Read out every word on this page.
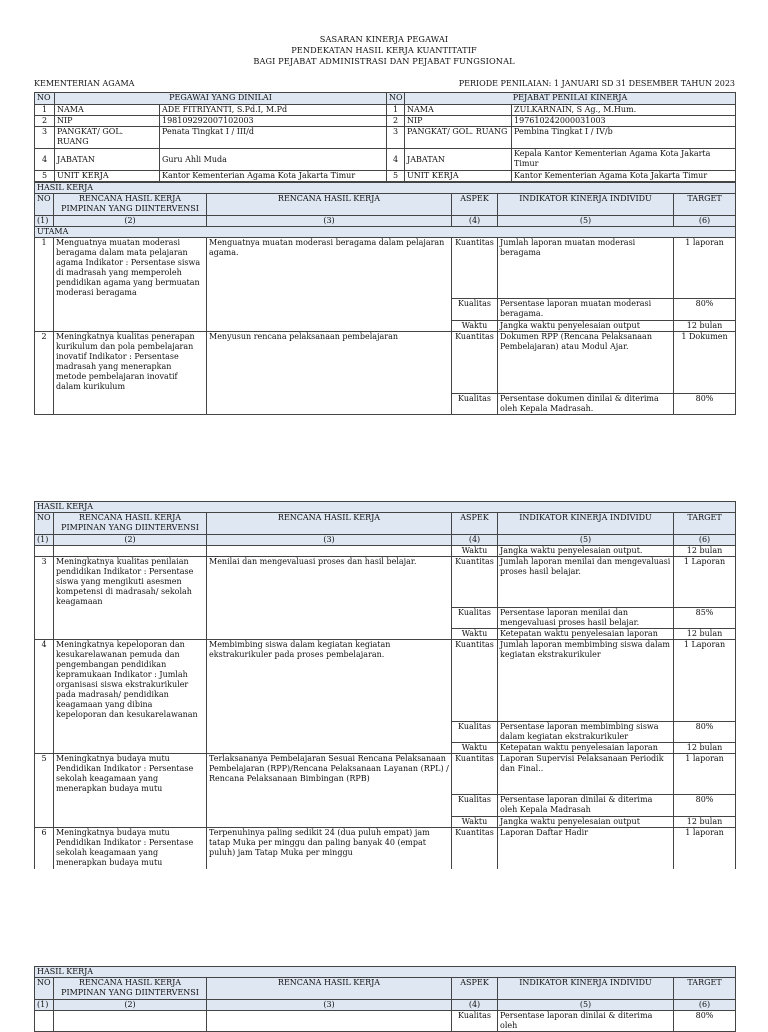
SASARAN KINERJA PEGAWAI
PENDEKATAN HASIL KERJA KUANTITATIF
BAGI PEJABAT ADMINISTRASI DAN PEJABAT FUNGSIONAL
KEMENTERIAN AGAMA	PERIODE PENILAIAN: 1 JANUARI SD 31 DESEMBER TAHUN 2023
NO	PEGAWAI YANG DINILAI		NO	PEJABAT PENILAI KINERJA	
1	NAMA	ADE FITRIYANTI, S.Pd.I, M.Pd	1	NAMA	ZULKARNAIN, S Ag., M.Hum.
2	NIP	198109292007102003	2	NIP	197610242000031003
3	PANGKAT/ GOL. RUANG	Penata Tingkat I / III/d	3	PANGKAT/ GOL. RUANG	Pembina Tingkat I / IV/b
4	JABATAN	Guru Ahli Muda	4	JABATAN	Kepala Kantor Kementerian Agama Kota Jakarta Timur
5	UNIT KERJA	Kantor Kementerian Agama Kota Jakarta Timur	5	UNIT KERJA	Kantor Kementerian Agama Kota Jakarta Timur
HASIL KERJA					
NO	RENCANA HASIL KERJA PIMPINAN YANG DIINTERVENSI	RENCANA HASIL KERJA	ASPEK	INDIKATOR KINERJA INDIVIDU	TARGET
(1)	(2)	(3)	(4)	(5)	(6)
UTAMA					
1	Menguatnya muatan moderasi beragama dalam mata pelajaran agama Indikator : Persentase siswa di madrasah yang memperoleh pendidikan agama yang bermuatan moderasi beragama	Menguatnya muatan moderasi beragama dalam pelajaran agama.	Kuantitas	Jumlah laporan muatan moderasi beragama	1 laporan
			Kualitas	Persentase laporan muatan moderasi beragama.	80%
			Waktu	Jangka waktu penyelesaian output	12 bulan
2	Meningkatnya kualitas penerapan kurikulum dan pola pembelajaran inovatif Indikator : Persentase madrasah yang menerapkan metode pembelajaran inovatif dalam kurikulum	Menyusun rencana pelaksanaan pembelajaran	Kuantitas	Dokumen RPP (Rencana Pelaksanaan Pembelajaran) atau Modul Ajar.	1 Dokumen
			Kualitas	Persentase dokumen dinilai & diterima oleh Kepala Madrasah.	80%
HASIL KERJA					
NO	RENCANA HASIL KERJA PIMPINAN YANG DIINTERVENSI	RENCANA HASIL KERJA	ASPEK	INDIKATOR KINERJA INDIVIDU	TARGET
(1)	(2)	(3)	(4)	(5)	(6)
			Waktu	Jangka waktu penyelesaian output.	12 bulan
3	Meningkatnya kualitas penilaian pendidikan Indikator : Persentase siswa yang mengikuti asesmen kompetensi di madrasah/ sekolah keagamaan	Menilai dan mengevaluasi proses dan hasil belajar.	Kuantitas	Jumlah laporan menilai dan mengevaluasi proses hasil belajar.	1 Laporan
			Kualitas	Persentase laporan menilai dan mengevaluasi proses hasil belajar.	85%
			Waktu	Ketepatan waktu penyelesaian laporan	12 bulan
4	Meningkatnya kepeloporan dan kesukarelawanan pemuda dan pengembangan pendidikan kepramukaan Indikator : Jumlah organisasi siswa ekstrakurikuler pada madrasah/ pendidikan keagamaan yang dibina kepeloporan dan kesukarelawanan	Membimbing siswa dalam kegiatan kegiatan ekstrakurikuler pada proses pembelajaran.	Kuantitas	Jumlah laporan membimbing siswa dalam kegiatan ekstrakurikuler	1 Laporan
			Kualitas	Persentase laporan membimbing siswa dalam kegiatan ekstrakurikuler	80%
			Waktu	Ketepatan waktu penyelesaian laporan	12 bulan
5	Meningkatnya budaya mutu Pendidikan Indikator : Persentase sekolah keagamaan yang menerapkan budaya mutu	Terlaksananya Pembelajaran Sesuai Rencana Pelaksanaan Pembelajaran (RPP)/Rencana Pelaksanaan Layanan (RPL) / Rencana Pelaksanaan Bimbingan (RPB)	Kuantitas	Laporan Supervisi Pelaksanaan Periodik dan Final..	1 laporan
			Kualitas	Persentase laporan dinilai & diterima oleh Kepala Madrasah	80%
			Waktu	Jangka waktu penyelesaian output	12 bulan
6	Meningkatnya budaya mutu Pendidikan Indikator : Persentase sekolah keagamaan yang menerapkan budaya mutu	Terpenuhinya paling sedikit 24 (dua puluh empat) jam tatap Muka per minggu dan paling banyak 40 (empat puluh) jam Tatap Muka per minggu	Kuantitas	Laporan Daftar Hadir	1 laporan
HASIL KERJA					
NO	RENCANA HASIL KERJA PIMPINAN YANG DIINTERVENSI	RENCANA HASIL KERJA	ASPEK	INDIKATOR KINERJA INDIVIDU	TARGET
(1)	(2)	(3)	(4)	(5)	(6)
			Kualitas	Persentase laporan dinilai & diterima oleh	80%
